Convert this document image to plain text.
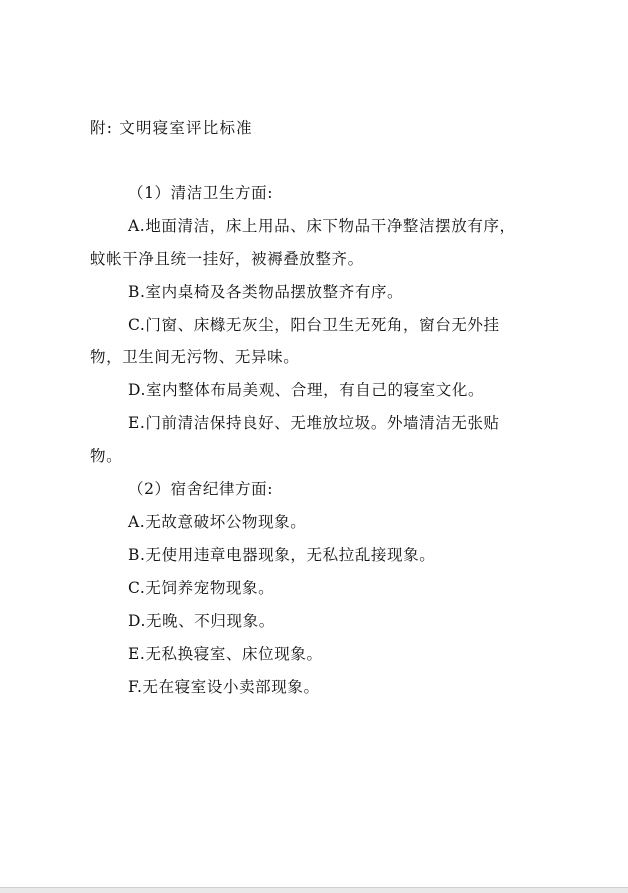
附: 文明寝室评比标准
（1）清洁卫生方面:
A.地面清洁，床上用品、床下物品干净整洁摆放有序，
蚊帐干净且统一挂好，被褥叠放整齐。
B.室内桌椅及各类物品摆放整齐有序。
C.门窗、床橼无灰尘，阳台卫生无死角，窗台无外挂
物，卫生间无污物、无异味。
D.室内整体布局美观、合理，有自己的寝室文化。
E.门前清洁保持良好、无堆放垃圾。外墙清洁无张贴
物。
（2）宿舍纪律方面:
A.无故意破坏公物现象。
B.无使用违章电器现象，无私拉乱接现象。
C.无饲养宠物现象。
D.无晚、不归现象。
E.无私换寝室、床位现象。
F.无在寝室设小卖部现象。
